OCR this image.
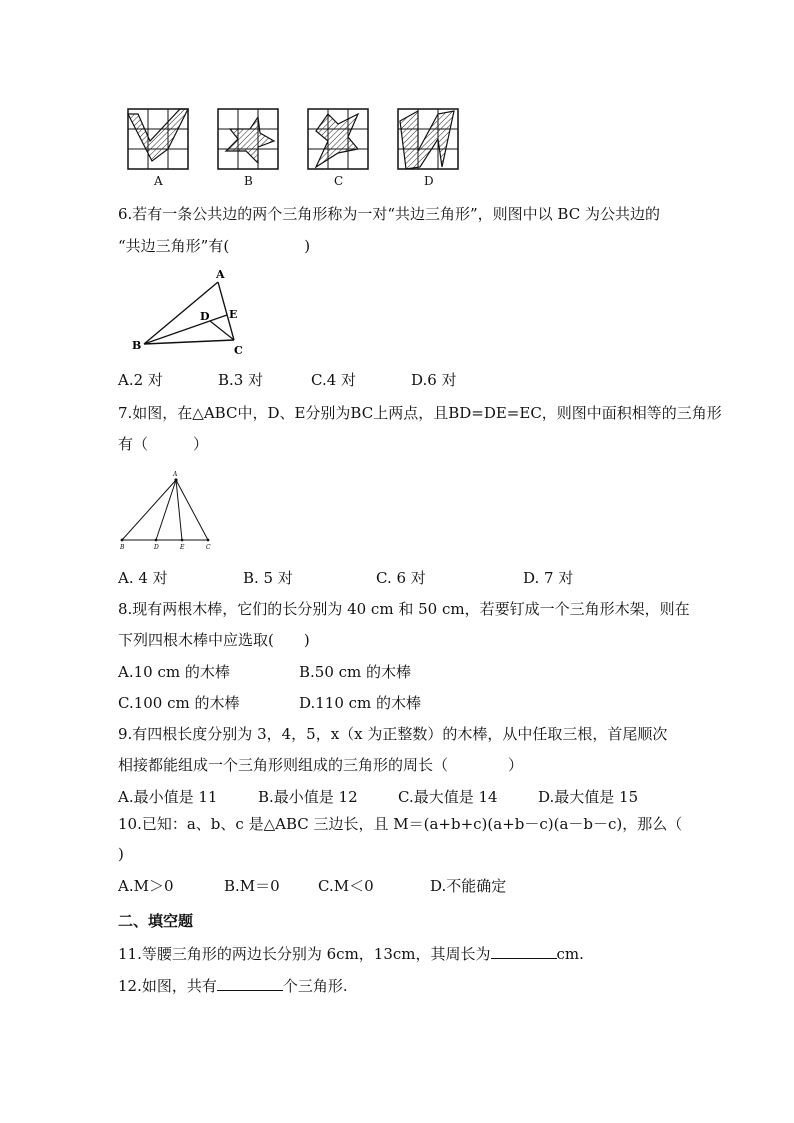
A	B	C	D
6.若有一条公共边的两个三角形称为一对“共边三角形”，则图中以 BC 为公共边的
“共边三角形”有(　　　　　)
A
B	C
D E
A.2 对	B.3 对	C.4 对	D.6 对
7.如图，在△ABC中，D、E分别为BC上两点，且BD=DE=EC，则图中面积相等的三角形
有（　　　）
A
B	D	E	C
A. 4 对	B. 5 对	C. 6 对	D. 7 对
8.现有两根木棒，它们的长分别为 40 cm 和 50 cm，若要钉成一个三角形木架，则在
下列四根木棒中应选取(　　)
A.10 cm 的木棒	B.50 cm 的木棒
C.100 cm 的木棒	D.110 cm 的木棒
9.有四根长度分别为 3，4，5，x（x 为正整数）的木棒，从中任取三根，首尾顺次
相接都能组成一个三角形则组成的三角形的周长（　　　　）
A.最小值是 11	B.最小值是 12	C.最大值是 14	D.最大值是 15
10.已知：a、b、c 是△ABC 三边长，且 M＝(a+b+c)(a+b－c)(a－b－c)，那么（
)
A.M＞0	B.M＝0	C.M＜0	D.不能确定
二、填空题
11.等腰三角形的两边长分别为 6cm，13cm，其周长为	cm.
12.如图，共有	个三角形.
